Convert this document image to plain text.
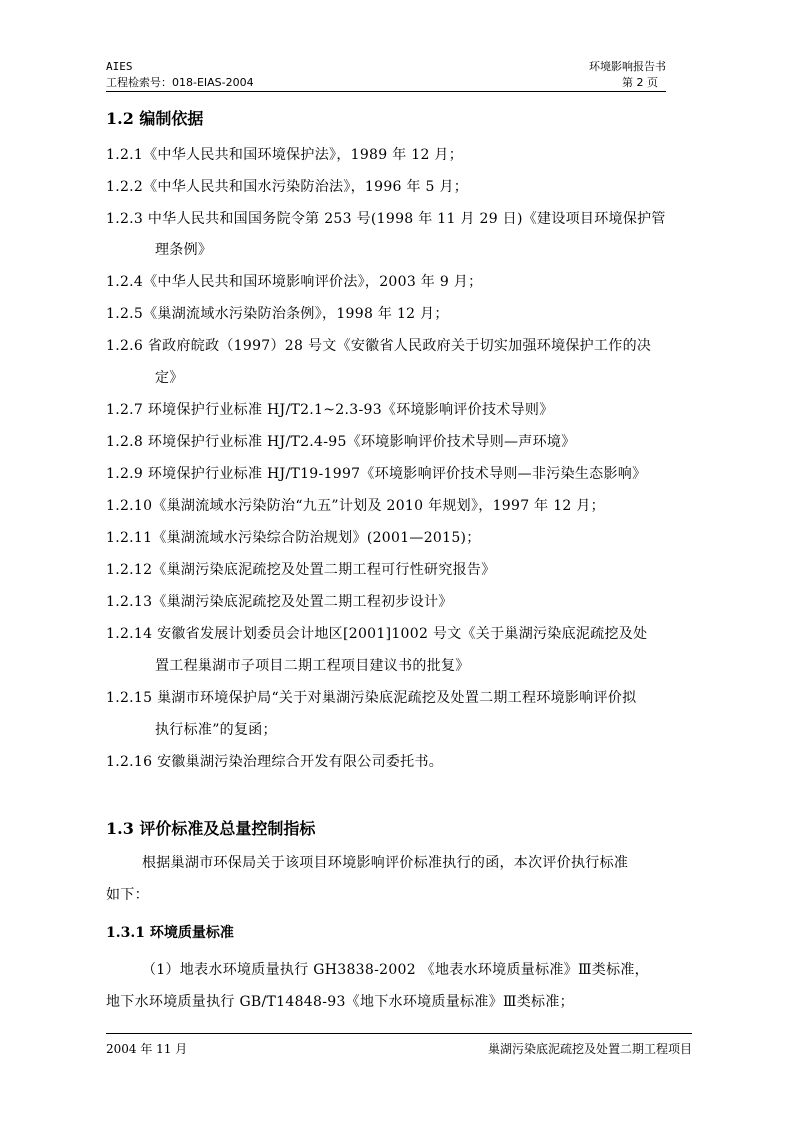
AIES	环境影响报告书
工程检索号：018-EIAS-2004	第 2 页
1.2 编制依据
1.2.1《中华人民共和国环境保护法》，1989 年 12 月；
1.2.2《中华人民共和国水污染防治法》，1996 年 5 月；
1.2.3 中华人民共和国国务院令第 253 号(1998 年 11 月 29 日)《建设项目环境保护管
理条例》
1.2.4《中华人民共和国环境影响评价法》，2003 年 9 月；
1.2.5《巢湖流域水污染防治条例》，1998 年 12 月；
1.2.6 省政府皖政（1997）28 号文《安徽省人民政府关于切实加强环境保护工作的决
定》
1.2.7 环境保护行业标准 HJ/T2.1~2.3-93《环境影响评价技术导则》
1.2.8 环境保护行业标准 HJ/T2.4-95《环境影响评价技术导则—声环境》
1.2.9 环境保护行业标准 HJ/T19-1997《环境影响评价技术导则—非污染生态影响》
1.2.10《巢湖流域水污染防治“九五”计划及 2010 年规划》，1997 年 12 月；
1.2.11《巢湖流域水污染综合防治规划》(2001—2015)；
1.2.12《巢湖污染底泥疏挖及处置二期工程可行性研究报告》
1.2.13《巢湖污染底泥疏挖及处置二期工程初步设计》
1.2.14 安徽省发展计划委员会计地区[2001]1002 号文《关于巢湖污染底泥疏挖及处
置工程巢湖市子项目二期工程项目建议书的批复》
1.2.15 巢湖市环境保护局“关于对巢湖污染底泥疏挖及处置二期工程环境影响评价拟
执行标准”的复函；
1.2.16 安徽巢湖污染治理综合开发有限公司委托书。
1.3 评价标准及总量控制指标
根据巢湖市环保局关于该项目环境影响评价标准执行的函，本次评价执行标准
如下：
1.3.1 环境质量标准
（1）地表水环境质量执行 GH3838-2002 《地表水环境质量标准》Ⅲ类标准，
地下水环境质量执行 GB/T14848-93《地下水环境质量标准》Ⅲ类标准；
2004 年 11 月	巢湖污染底泥疏挖及处置二期工程项目
